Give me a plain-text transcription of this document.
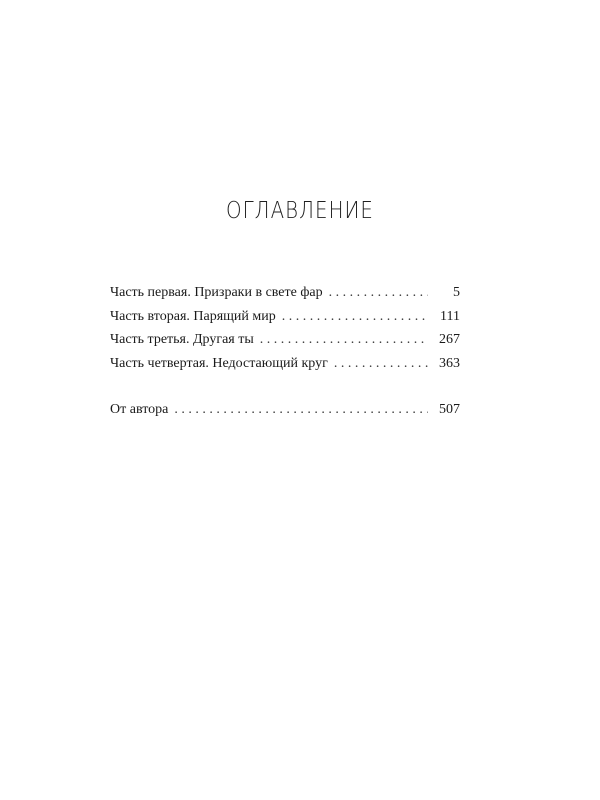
ОГЛАВЛЕНИЕ
Часть первая. Призраки в свете фар . . .	5
Часть вторая. Парящий мир . . .	111
Часть третья. Другая ты . . .	267
Часть четвертая. Недостающий круг . . .	363
От автора . . .	507
